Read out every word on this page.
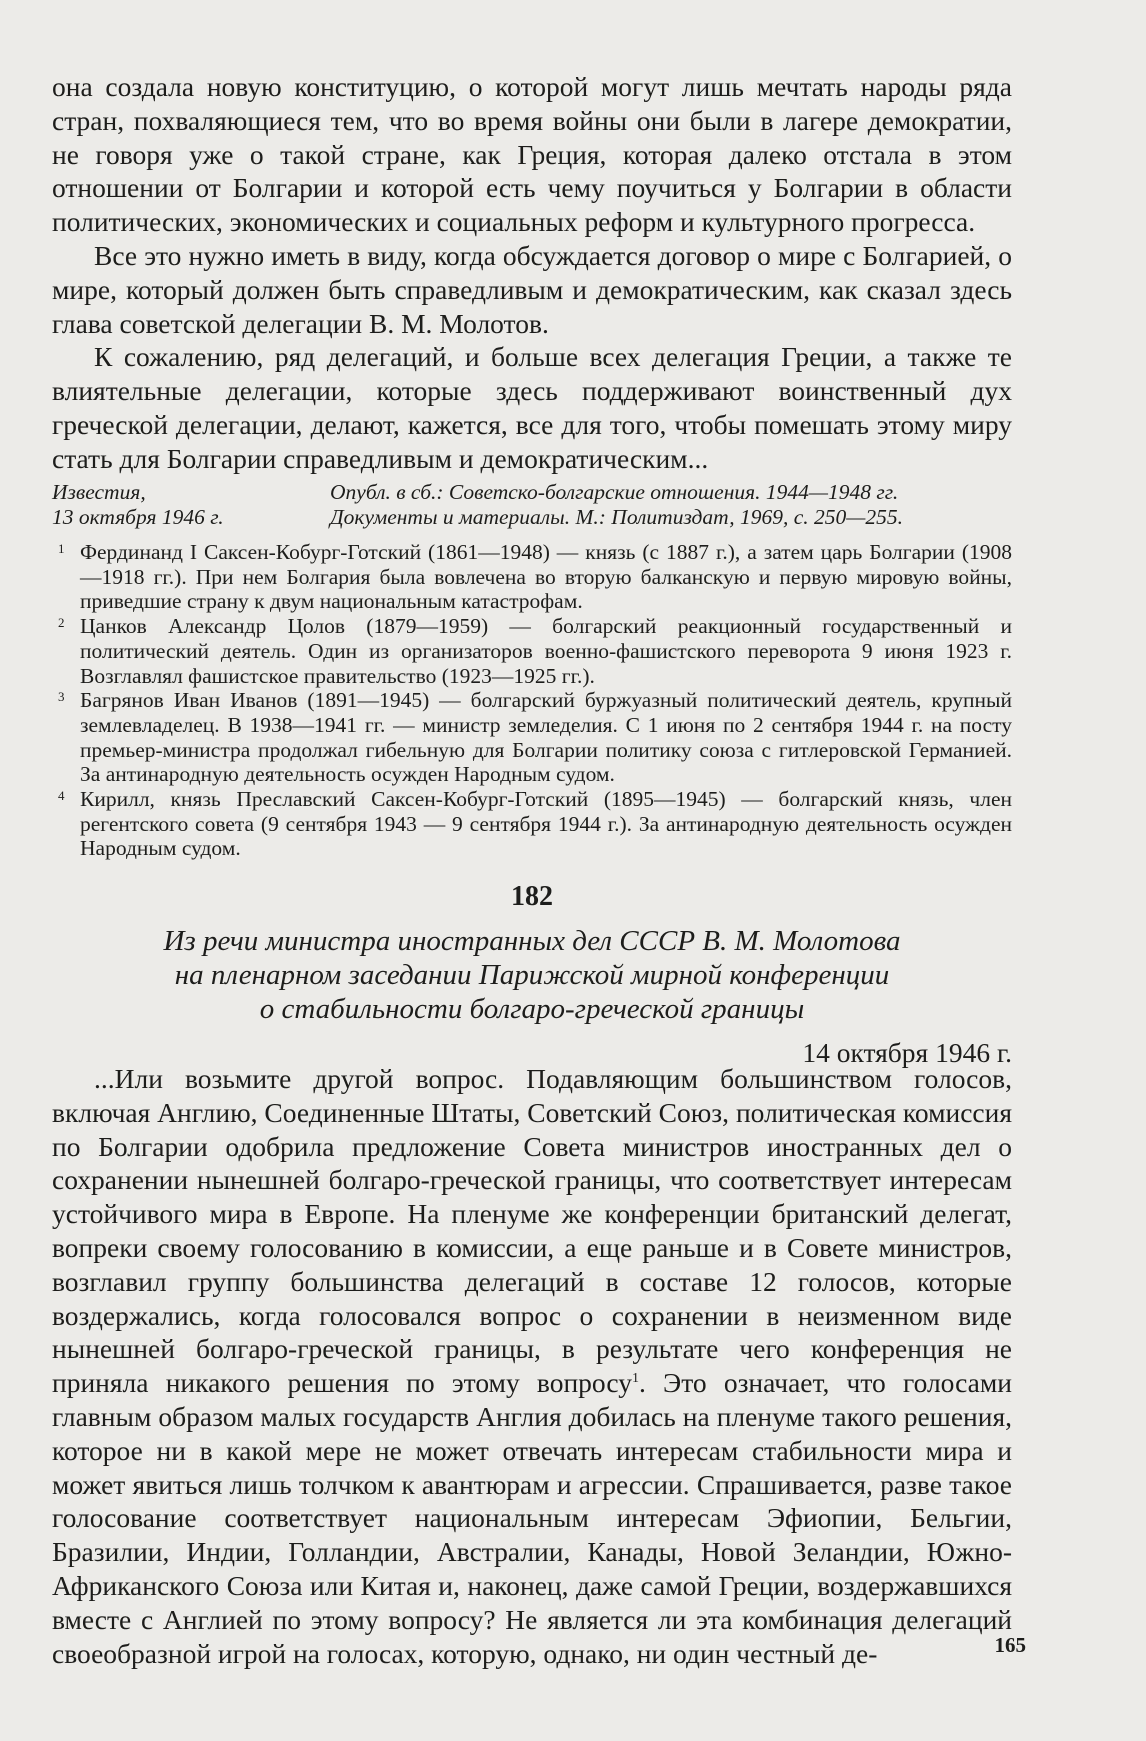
она создала новую конституцию, о которой могут лишь мечтать народы ряда стран, похваляющиеся тем, что во время войны они были в лагере демократии, не говоря уже о такой стране, как Греция, которая далеко отстала в этом отношении от Болгарии и которой есть чему поучиться у Болгарии в области политических, экономических и социальных реформ и культурного прогресса.

Все это нужно иметь в виду, когда обсуждается договор о мире с Болгарией, о мире, который должен быть справедливым и демократическим, как сказал здесь глава советской делегации В. М. Молотов.

К сожалению, ряд делегаций, и больше всех делегация Греции, а также те влиятельные делегации, которые здесь поддерживают воинственный дух греческой делегации, делают, кажется, все для того, чтобы помешать этому миру стать для Болгарии справедливым и демократическим...

Известия,
13 октября 1946 г.
Опубл. в сб.: Советско-болгарские отношения. 1944—1948 гг.
Документы и материалы. М.: Политиздат, 1969, с. 250—255.
1 Фердинанд I Саксен-Кобург-Готский (1861—1948) — князь (с 1887 г.), а затем царь Болгарии (1908—1918 гг.). При нем Болгария была вовлечена во вторую балканскую и первую мировую войны, приведшие страну к двум национальным катастрофам.
2 Цанков Александр Цолов (1879—1959) — болгарский реакционный государственный и политический деятель. Один из организаторов военно-фашистского переворота 9 июня 1923 г. Возглавлял фашистское правительство (1923—1925 гг.).
3 Багрянов Иван Иванов (1891—1945) — болгарский буржуазный политический деятель, крупный землевладелец. В 1938—1941 гг. — министр земледелия. С 1 июня по 2 сентября 1944 г. на посту премьер-министра продолжал гибельную для Болгарии политику союза с гитлеровской Германией. За антинародную деятельность осужден Народным судом.
4 Кирилл, князь Преславский Саксен-Кобург-Готский (1895—1945) — болгарский князь, член регентского совета (9 сентября 1943 — 9 сентября 1944 г.). За антинародную деятельность осужден Народным судом.
182
Из речи министра иностранных дел СССР В. М. Молотова
на пленарном заседании Парижской мирной конференции
о стабильности болгаро-греческой границы
14 октября 1946 г.

...Или возьмите другой вопрос. Подавляющим большинством голосов, включая Англию, Соединенные Штаты, Советский Союз, политическая комиссия по Болгарии одобрила предложение Совета министров иностранных дел о сохранении нынешней болгаро-греческой границы, что соответствует интересам устойчивого мира в Европе. На пленуме же конференции британский делегат, вопреки своему голосованию в комиссии, а еще раньше и в Совете министров, возглавил группу большинства делегаций в составе 12 голосов, которые воздержались, когда голосовался вопрос о сохранении в неизменном виде нынешней болгаро-греческой границы, в результате чего конференция не приняла никакого решения по этому вопросу$^1$. Это означает, что голосами главным образом малых государств Англия добилась на пленуме такого решения, которое ни в какой мере не может отвечать интересам стабильности мира и может явиться лишь толчком к авантюрам и агрессии. Спрашивается, разве такое голосование соответствует национальным интересам Эфиопии, Бельгии, Бразилии, Индии, Голландии, Австралии, Канады, Новой Зеландии, Южно-Африканского Союза или Китая и, наконец, даже самой Греции, воздержавшихся вместе с Англией по этому вопросу? Не является ли эта комбинация делегаций своеобразной игрой на голосах, которую, однако, ни один честный де-	165
